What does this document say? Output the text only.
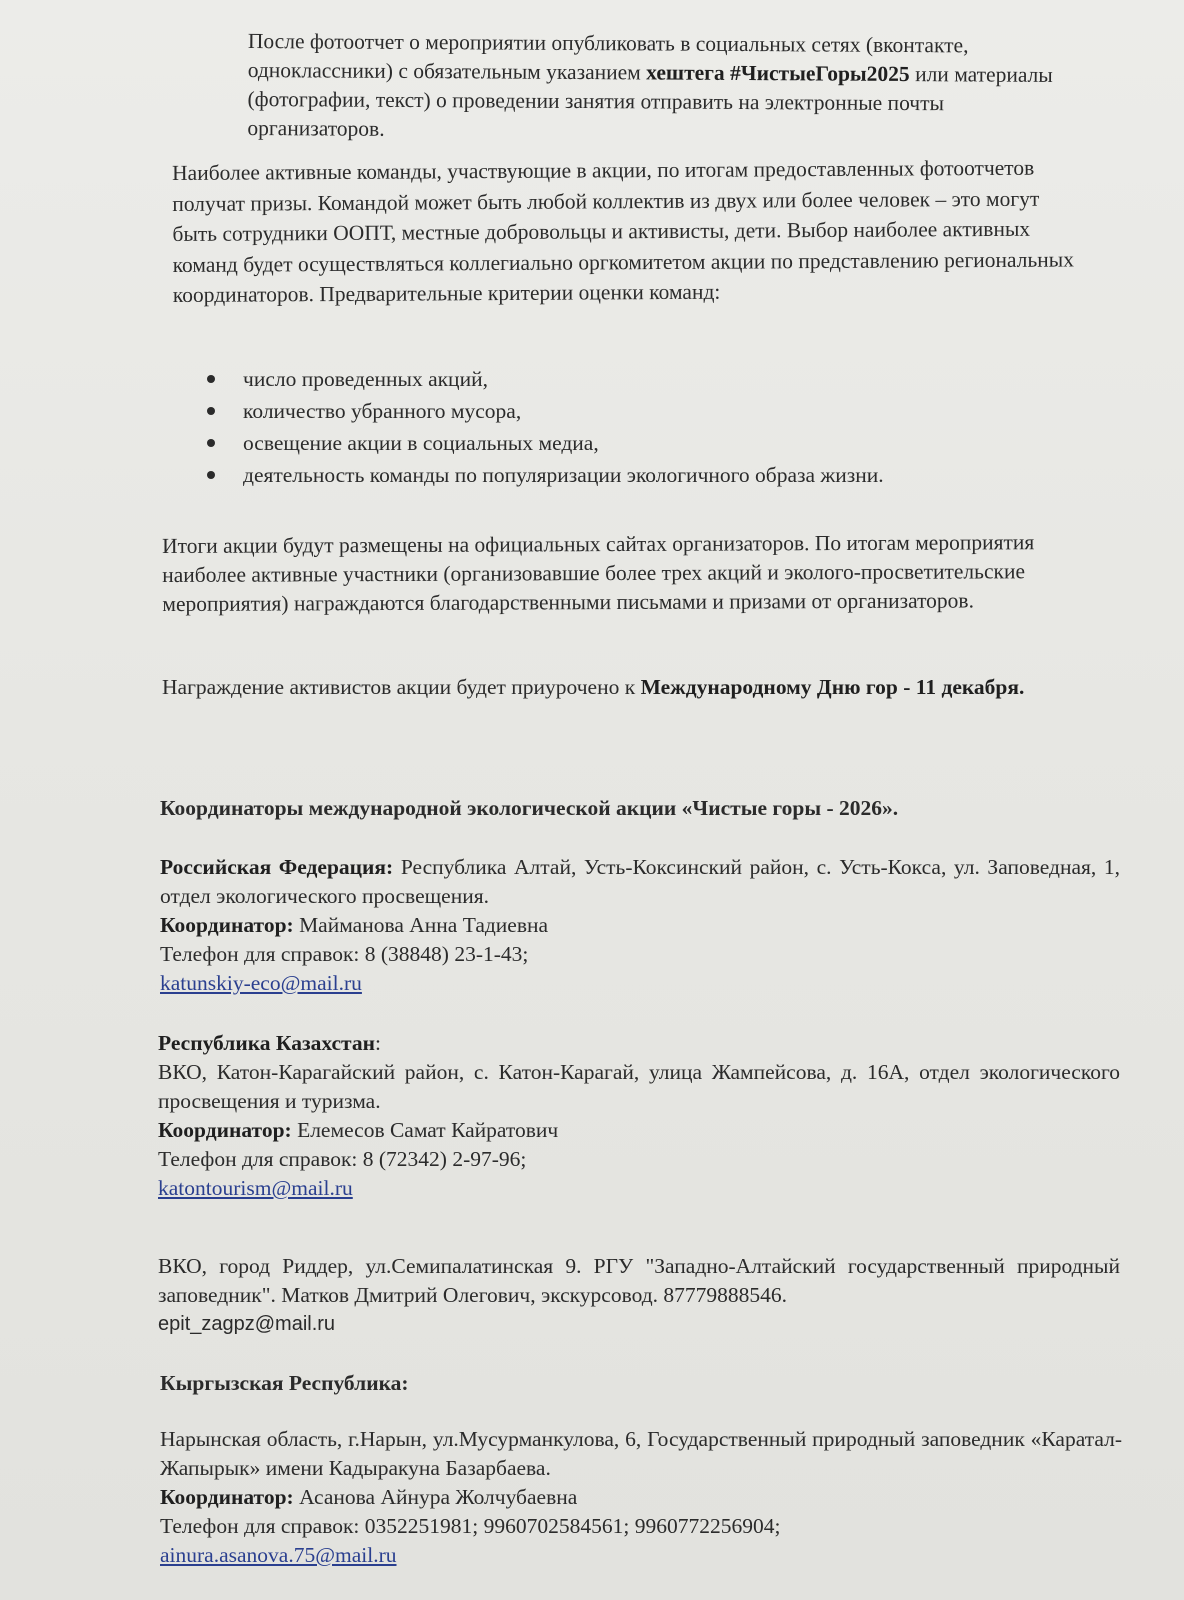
После фотоотчет о мероприятии опубликовать в социальных сетях (вконтакте, одноклассники) с обязательным указанием хештега #ЧистыеГоры2025 или материалы (фотографии, текст) о проведении занятия отправить на электронные почты организаторов.

Наиболее активные команды, участвующие в акции, по итогам предоставленных фотоотчетов получат призы. Командой может быть любой коллектив из двух или более человек – это могут быть сотрудники ООПТ, местные добровольцы и активисты, дети. Выбор наиболее активных команд будет осуществляться коллегиально оргкомитетом акции по представлению региональных координаторов. Предварительные критерии оценки команд:

число проведенных акций,
количество убранного мусора,
освещение акции в социальных медиа,
деятельность команды по популяризации экологичного образа жизни.

Итоги акции будут размещены на официальных сайтах организаторов. По итогам мероприятия наиболее активные участники (организовавшие более трех акций и эколого-просветительские мероприятия) награждаются благодарственными письмами и призами от организаторов.

Награждение активистов акции будет приурочено к Международному Дню гор - 11 декабря.

Координаторы международной экологической акции «Чистые горы - 2026».

Российская Федерация: Республика Алтай, Усть-Коксинский район, с. Усть-Кокса, ул. Заповедная, 1, отдел экологического просвещения.

Координатор: Майманова Анна Тадиевна

Телефон для справок: 8 (38848) 23-1-43;

katunskiy-eco@mail.ru

Республика Казахстан:

ВКО, Катон-Карагайский район, с. Катон-Карагай, улица Жампейсова, д. 16А, отдел экологического просвещения и туризма.

Координатор: Елемесов Самат Кайратович

Телефон для справок: 8 (72342) 2-97-96;

katontourism@mail.ru

ВКО, город Риддер, ул.Семипалатинская 9. РГУ "Западно-Алтайский государственный природный заповедник". Матков Дмитрий Олегович, экскурсовод. 87779888546.

epit_zagpz@mail.ru

Кыргызская Республика:

Нарынская область, г.Нарын, ул.Мусурманкулова, 6, Государственный природный заповедник «Каратал-Жапырык» имени Кадыракуна Базарбаева.

Координатор: Асанова Айнура Жолчубаевна

Телефон для справок: 0352251981; 9960702584561; 9960772256904;

ainura.asanova.75@mail.ru
